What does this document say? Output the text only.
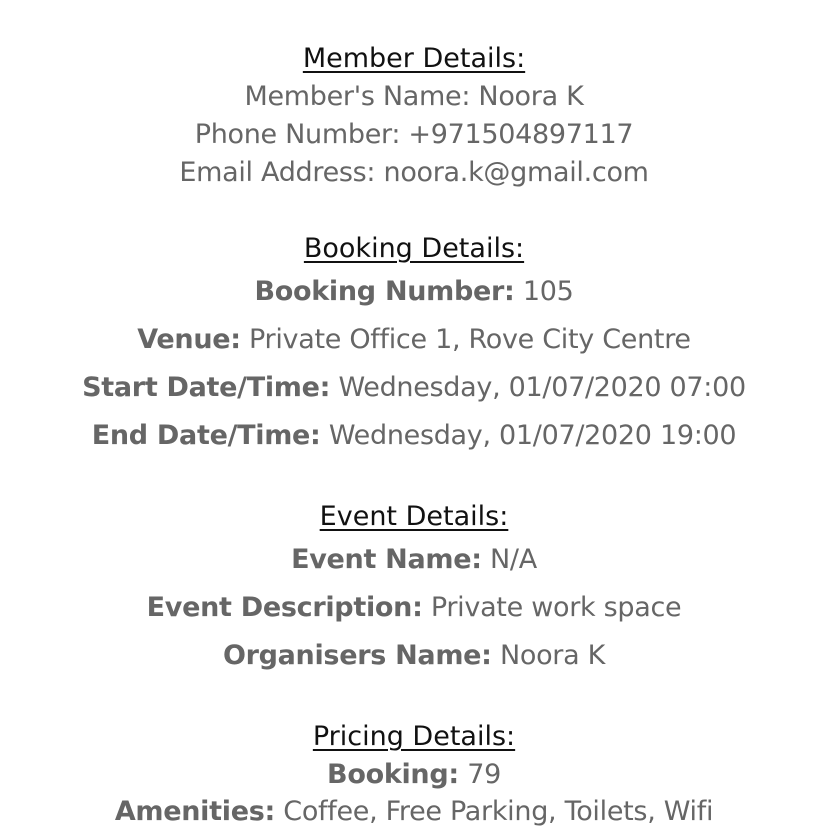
Member Details:

Member's Name: Noora K

Phone Number: +971504897117

Email Address: noora.k@gmail.com

Booking Details:

Booking Number: 105

Venue: Private Office 1, Rove City Centre

Start Date/Time: Wednesday, 01/07/2020 07:00

End Date/Time: Wednesday, 01/07/2020 19:00

Event Details:

Event Name: N/A

Event Description: Private work space

Organisers Name: Noora K

Pricing Details:

Booking: 79

Amenities: Coffee, Free Parking, Toilets, Wifi
